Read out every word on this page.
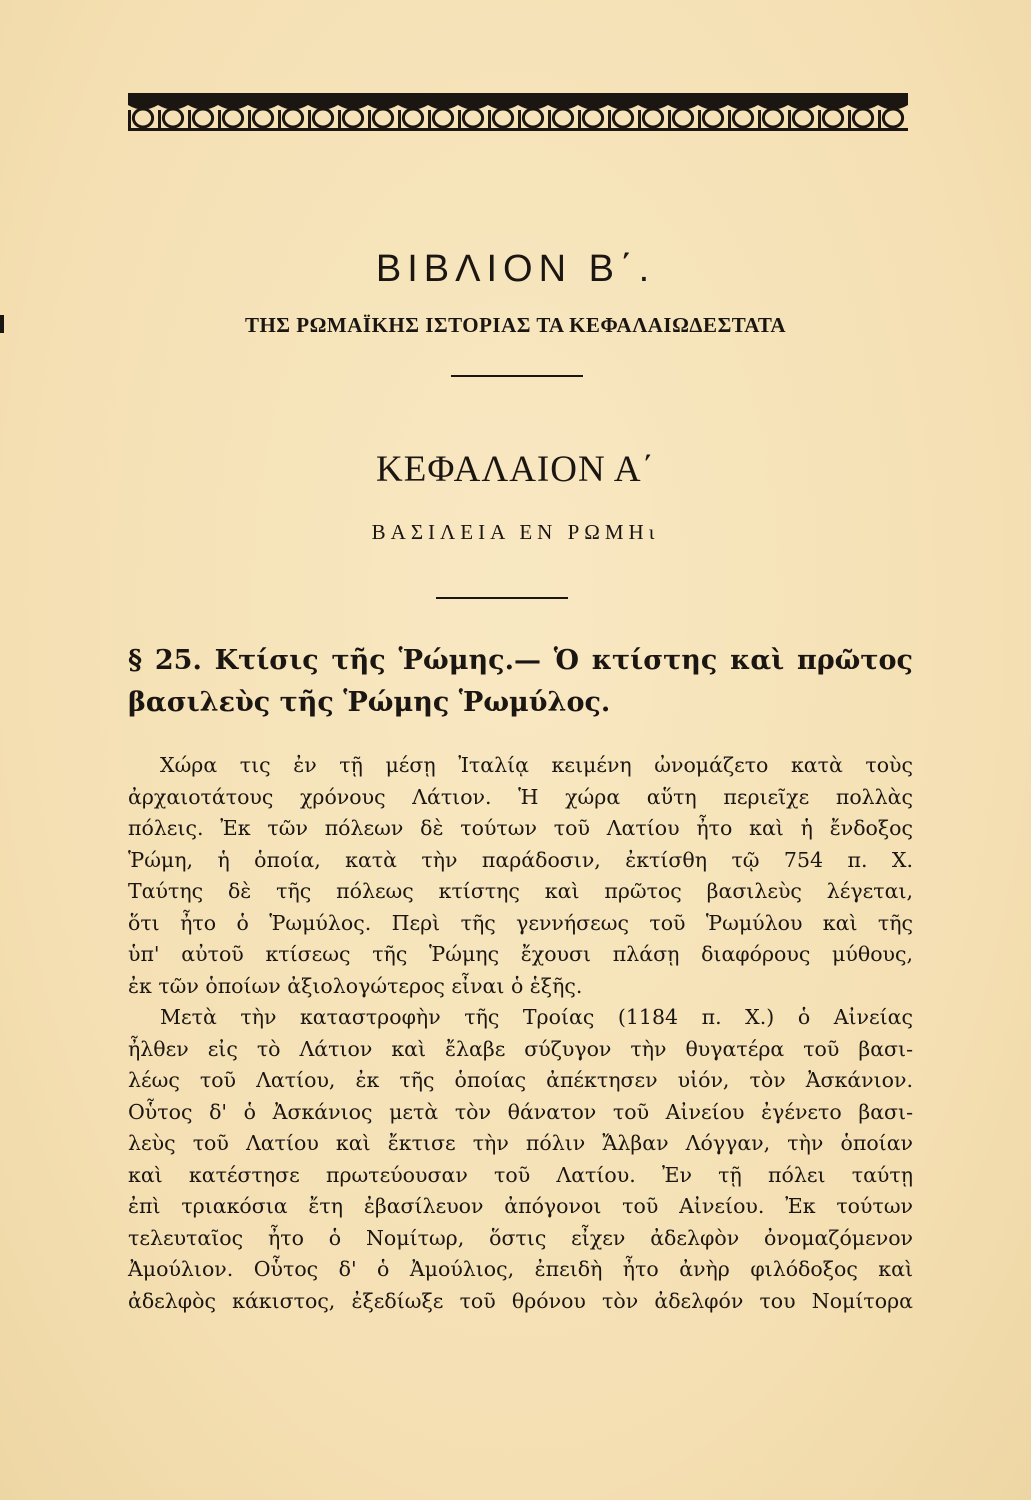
ΒΙΒΛΙΟΝ Β΄.
ΤΗΣ ΡΩΜΑΪΚΗΣ ΙΣΤΟΡΙΑΣ ΤΑ ΚΕΦΑΛΑΙΩΔΕΣΤΑΤΑ
ΚΕΦΑΛΑΙΟΝ Α΄
ΒΑΣΙΛΕΙΑ ΕΝ ΡΩΜΗι
§ 25. Κτίσις τῆς Ῥώμης.— Ὁ κτίστης καὶ πρῶτος
βασιλεὺς τῆς Ῥώμης Ῥωμύλος.
Χώρα τις ἐν τῇ μέσῃ Ἰταλίᾳ κειμένη ὠνομάζετο κατὰ τοὺς
ἀρχαιοτάτους χρόνους Λάτιον. Ἡ χώρα αὕτη περιεῖχε πολλὰς
πόλεις. Ἐκ τῶν πόλεων δὲ τούτων τοῦ Λατίου ἦτο καὶ ἡ ἔνδοξος
Ῥώμη, ἡ ὁποία, κατὰ τὴν παράδοσιν, ἐκτίσθη τῷ 754 π. Χ.
Ταύτης δὲ τῆς πόλεως κτίστης καὶ πρῶτος βασιλεὺς λέγεται,
ὅτι ἦτο ὁ Ῥωμύλος. Περὶ τῆς γεννήσεως τοῦ Ῥωμύλου καὶ τῆς
ὑπ' αὐτοῦ κτίσεως τῆς Ῥώμης ἔχουσι πλάσῃ διαφόρους μύθους,
ἐκ τῶν ὁποίων ἀξιολογώτερος εἶναι ὁ ἑξῆς.
Μετὰ τὴν καταστροφὴν τῆς Τροίας (1184 π. Χ.) ὁ Αἰνείας
ἦλθεν εἰς τὸ Λάτιον καὶ ἔλαβε σύζυγον τὴν θυγατέρα τοῦ βασι-
λέως τοῦ Λατίου, ἐκ τῆς ὁποίας ἀπέκτησεν υἱόν, τὸν Ἀσκάνιον.
Οὗτος δ' ὁ Ἀσκάνιος μετὰ τὸν θάνατον τοῦ Αἰνείου ἐγένετο βασι-
λεὺς τοῦ Λατίου καὶ ἔκτισε τὴν πόλιν Ἄλβαν Λόγγαν, τὴν ὁποίαν
καὶ κατέστησε πρωτεύουσαν τοῦ Λατίου. Ἐν τῇ πόλει ταύτῃ
ἐπὶ τριακόσια ἔτη ἐβασίλευον ἀπόγονοι τοῦ Αἰνείου. Ἐκ τούτων
τελευταῖος ἦτο ὁ Νομίτωρ, ὅστις εἶχεν ἀδελφὸν ὀνομαζόμενον
Ἀμούλιον. Οὗτος δ' ὁ Ἀμούλιος, ἐπειδὴ ἦτο ἀνὴρ φιλόδοξος καὶ
ἀδελφὸς κάκιστος, ἐξεδίωξε τοῦ θρόνου τὸν ἀδελφόν του Νομίτορα
